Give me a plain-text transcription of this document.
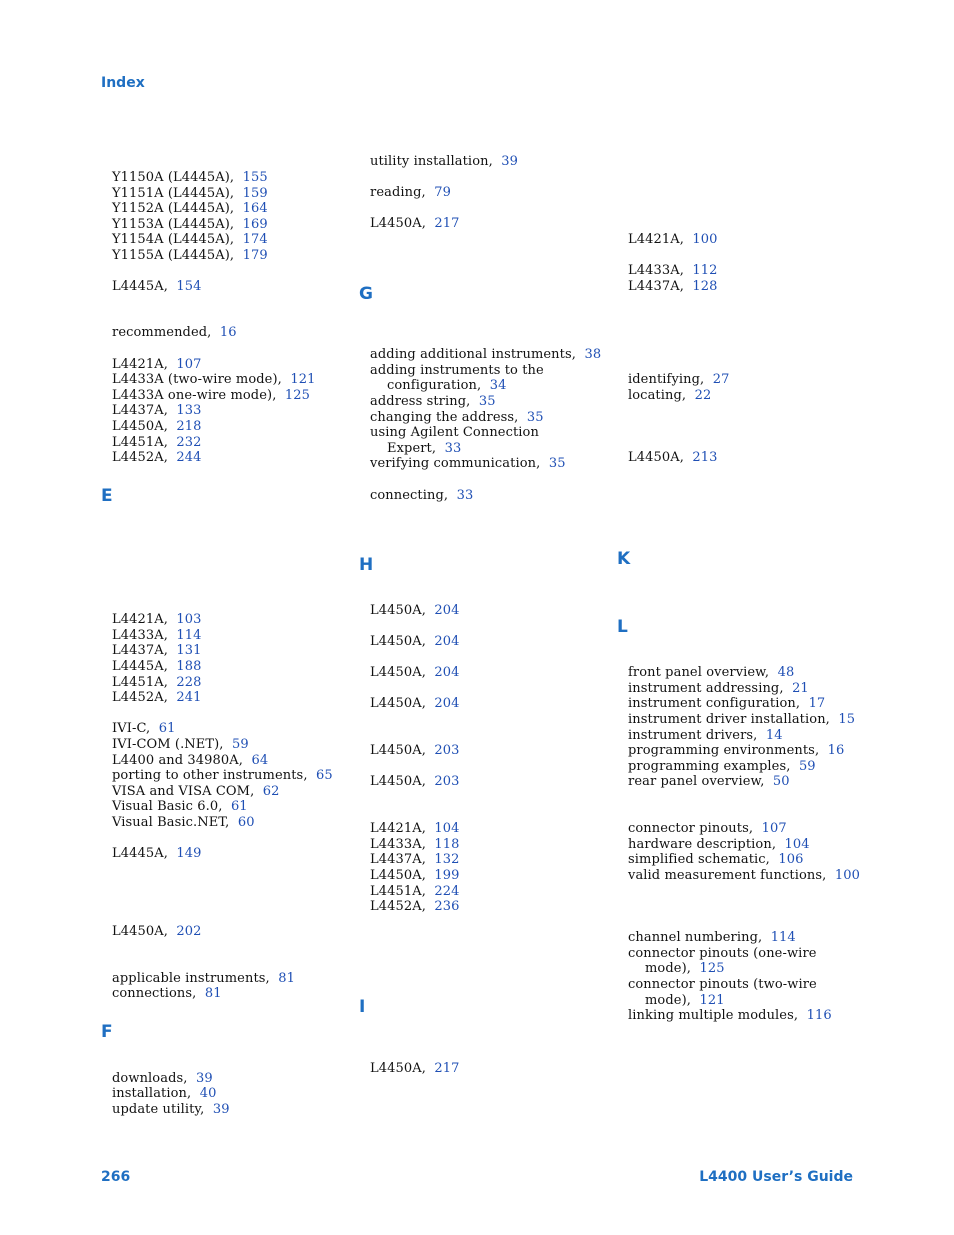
Index
E
F
G
H
I
K
L
Y1150A (L4445A), 155
Y1151A (L4445A), 159
Y1152A (L4445A), 164
Y1153A (L4445A), 169
Y1154A (L4445A), 174
Y1155A (L4445A), 179
L4445A, 154
recommended, 16
L4421A, 107
L4433A (two-wire mode), 121
L4433A one-wire mode), 125
L4437A, 133
L4450A, 218
L4451A, 232
L4452A, 244
L4421A, 103
L4433A, 114
L4437A, 131
L4445A, 188
L4451A, 228
L4452A, 241
IVI-C, 61
IVI-COM (.NET), 59
L4400 and 34980A, 64
porting to other instruments, 65
VISA and VISA COM, 62
Visual Basic 6.0, 61
Visual Basic.NET, 60
L4445A, 149
L4450A, 202
applicable instruments, 81
connections, 81
downloads, 39
installation, 40
update utility, 39
utility installation, 39
reading, 79
L4450A, 217
adding additional instruments, 38
adding instruments to the
configuration, 34
address string, 35
changing the address, 35
using Agilent Connection
Expert, 33
verifying communication, 35
connecting, 33
L4450A, 204
L4450A, 204
L4450A, 204
L4450A, 204
L4450A, 203
L4450A, 203
L4421A, 104
L4433A, 118
L4437A, 132
L4450A, 199
L4451A, 224
L4452A, 236
L4450A, 217
L4421A, 100
L4433A, 112
L4437A, 128
identifying, 27
locating, 22
L4450A, 213
front panel overview, 48
instrument addressing, 21
instrument configuration, 17
instrument driver installation, 15
instrument drivers, 14
programming environments, 16
programming examples, 59
rear panel overview, 50
connector pinouts, 107
hardware description, 104
simplified schematic, 106
valid measurement functions, 100
channel numbering, 114
connector pinouts (one-wire
mode), 125
connector pinouts (two-wire
mode), 121
linking multiple modules, 116
266	L4400 User’s Guide
